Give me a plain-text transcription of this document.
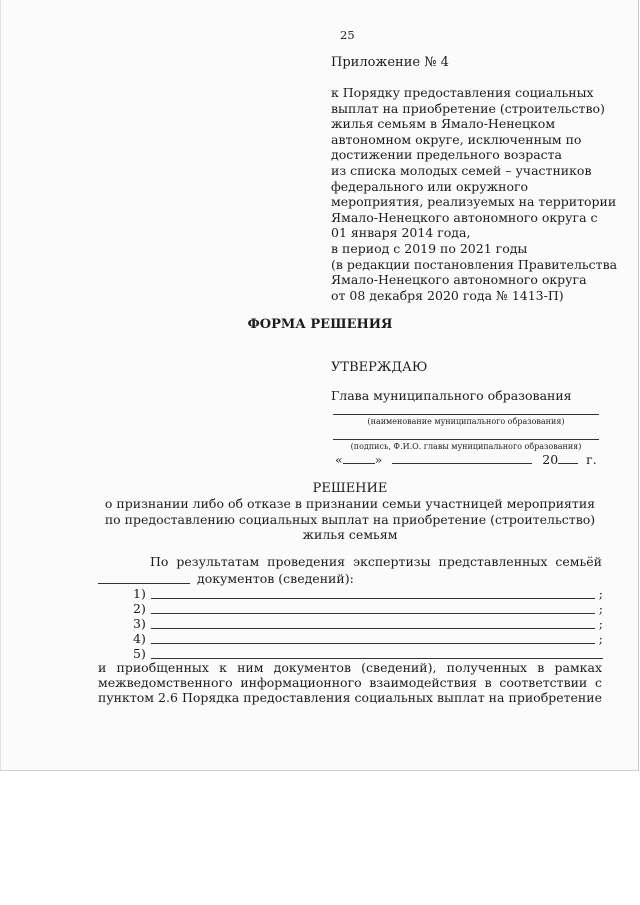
25
Приложение № 4
к Порядку предоставления социальных
выплат на приобретение (строительство)
жилья семьям в Ямало-Ненецком
автономном округе, исключенным по
достижении предельного возраста
из списка молодых семей – участников
федерального или окружного
мероприятия, реализуемых на территории
Ямало-Ненецкого автономного округа с
01 января 2014 года,
в период с 2019 по 2021 годы
(в редакции постановления Правительства
Ямало-Ненецкого автономного округа
от 08 декабря 2020 года № 1413-П)
ФОРМА РЕШЕНИЯ
УТВЕРЖДАЮ
Глава муниципального образования
(наименование муниципального образования)
(подпись, Ф.И.О. главы муниципального образования)
«	»	20 г.
РЕШЕНИЕ
о признании либо об отказе в признании семьи участницей мероприятия
по предоставлению социальных выплат на приобретение (строительство)
жилья семьям
По результатам проведения экспертизы представленных семьёй
документов (сведений):
1)	;
2)	;
3)	;
4)	;
5)
и приобщенных к ним документов (сведений), полученных в рамках
межведомственного информационного взаимодействия в соответствии с
пунктом 2.6 Порядка предоставления социальных выплат на приобретение
